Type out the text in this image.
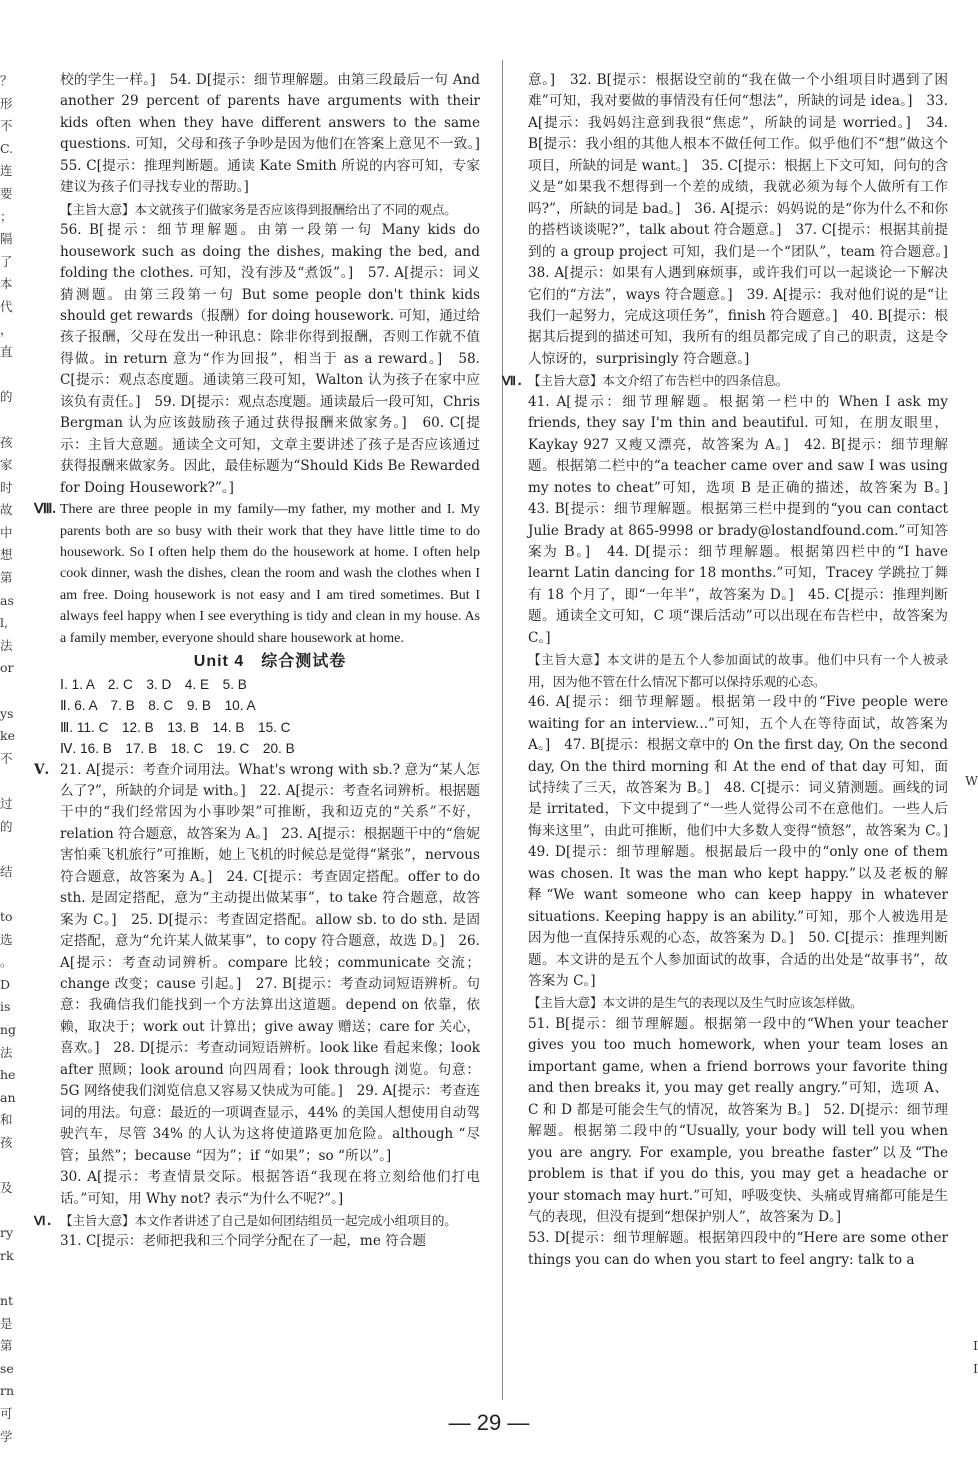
？
形
不
C.
连
要
；
隔
了
本
代
，
直
的
孩
家
时
故
中
想
第
as
l,
法
or
ys
ke
不
过
的
结
to
选
。
D
is
ng
法
he
an
和
孩
及
ry
rk
nt
是
第
se
rn
可
学
W
I
I

校的学生一样。]　54. D[提示：细节理解题。由第三段最后一句 And another 29 percent of parents have arguments with their kids often when they have different answers to the same questions. 可知，父母和孩子争吵是因为他们在答案上意见不一致。]　55. C[提示：推理判断题。通读 Kate Smith 所说的内容可知，专家建议为孩子们寻找专业的帮助。]

【主旨大意】本文就孩子们做家务是否应该得到报酬给出了不同的观点。

56. B[提示：细节理解题。由第一段第一句 Many kids do housework such as doing the dishes, making the bed, and folding the clothes. 可知，没有涉及“煮饭”。]　57. A[提示：词义猜测题。由第三段第一句 But some people don't think kids should get rewards（报酬）for doing housework. 可知，通过给孩子报酬，父母在发出一种讯息：除非你得到报酬，否则工作就不值得做。in return 意为“作为回报”，相当于 as a reward。]　58. C[提示：观点态度题。通读第三段可知，Walton 认为孩子在家中应该负有责任。]　59. D[提示：观点态度题。通读最后一段可知，Chris Bergman 认为应该鼓励孩子通过获得报酬来做家务。]　60. C[提示：主旨大意题。通读全文可知，文章主要讲述了孩子是否应该通过获得报酬来做家务。因此，最佳标题为“Should Kids Be Rewarded for Doing Housework?”。]

Ⅷ. There are three people in my family—my father, my mother and I. My parents both are so busy with their work that they have little time to do housework. So I often help them do the housework at home. I often help cook dinner, wash the dishes, clean the room and wash the clothes when I am free. Doing housework is not easy and I am tired sometimes. But I always feel happy when I see everything is tidy and clean in my house. As a family member, everyone should share housework at home.

Unit 4　综合测试卷
Ⅰ. 1. A　2. C　3. D　4. E　5. B
Ⅱ. 6. A　7. B　8. C　9. B　10. A
Ⅲ. 11. C　12. B　13. B　14. B　15. C
Ⅳ. 16. B　17. B　18. C　19. C　20. B

Ⅴ. 21. A[提示：考查介词用法。What's wrong with sb.? 意为“某人怎么了?”，所缺的介词是 with。]　22. A[提示：考查名词辨析。根据题干中的“我们经常因为小事吵架”可推断，我和迈克的“关系”不好，relation 符合题意，故答案为 A。]　23. A[提示：根据题干中的“詹妮害怕乘飞机旅行”可推断，她上飞机的时候总是觉得“紧张”，nervous 符合题意，故答案为 A。]　24. C[提示：考查固定搭配。offer to do sth. 是固定搭配，意为“主动提出做某事”，to take 符合题意，故答案为 C。]　25. D[提示：考查固定搭配。allow sb. to do sth. 是固定搭配，意为“允许某人做某事”，to copy 符合题意，故选 D。]　26. A[提示：考查动词辨析。compare 比较；communicate 交流；change 改变；cause 引起。]　27. B[提示：考查动词短语辨析。句意：我确信我们能找到一个方法算出这道题。depend on 依靠，依赖，取决于；work out 计算出；give away 赠送；care for 关心，喜欢。]　28. D[提示：考查动词短语辨析。look like 看起来像；look after 照顾；look around 向四周看；look through 浏览。句意：5G 网络使我们浏览信息又容易又快成为可能。]　29. A[提示：考查连词的用法。句意：最近的一项调查显示，44% 的美国人想使用自动驾驶汽车，尽管 34% 的人认为这将使道路更加危险。although “尽管；虽然”；because “因为”；if “如果”；so “所以”。]

30. A[提示：考查情景交际。根据答语“我现在将立刻给他们打电话。”可知，用 Why not? 表示“为什么不呢?”。]

Ⅵ. 【主旨大意】本文作者讲述了自己是如何团结组员一起完成小组项目的。

31. C[提示：老师把我和三个同学分配在了一起，me 符合题

意。]　32. B[提示：根据设空前的“我在做一个小组项目时遇到了困难”可知，我对要做的事情没有任何“想法”，所缺的词是 idea。]　33. A[提示：我妈妈注意到我很“焦虑”，所缺的词是 worried。]　34. B[提示：我小组的其他人根本不做任何工作。似乎他们不“想”做这个项目，所缺的词是 want。]　35. C[提示：根据上下文可知，问句的含义是“如果我不想得到一个差的成绩，我就必须为每个人做所有工作吗?”，所缺的词是 bad。]　36. A[提示：妈妈说的是“你为什么不和你的搭档谈谈呢?”，talk about 符合题意。]　37. C[提示：根据其前提到的 a group project 可知，我们是一个“团队”，team 符合题意。]　38. A[提示：如果有人遇到麻烦事，或许我们可以一起谈论一下解决它们的“方法”，ways 符合题意。]　39. A[提示：我对他们说的是“让我们一起努力，完成这项任务”，finish 符合题意。]　40. B[提示：根据其后提到的描述可知，我所有的组员都完成了自己的职责，这是令人惊讶的，surprisingly 符合题意。]

Ⅶ. 【主旨大意】本文介绍了布告栏中的四条信息。

41. A[提示：细节理解题。根据第一栏中的 When I ask my friends, they say I'm thin and beautiful. 可知，在朋友眼里，Kaykay 927 又瘦又漂亮，故答案为 A。]　42. B[提示：细节理解题。根据第二栏中的“a teacher came over and saw I was using my notes to cheat”可知，选项 B 是正确的描述，故答案为 B。]　43. B[提示：细节理解题。根据第三栏中提到的“you can contact Julie Brady at 865-9998 or brady@lostandfound.com.”可知答案为 B。]　44. D[提示：细节理解题。根据第四栏中的“I have learnt Latin dancing for 18 months.”可知，Tracey 学跳拉丁舞有 18 个月了，即“一年半”，故答案为 D。]　45. C[提示：推理判断题。通读全文可知，C 项“课后活动”可以出现在布告栏中，故答案为 C。]

【主旨大意】本文讲的是五个人参加面试的故事。他们中只有一个人被录用，因为他不管在什么情况下都可以保持乐观的心态。

46. A[提示：细节理解题。根据第一段中的“Five people were waiting for an interview...”可知，五个人在等待面试，故答案为 A。]　47. B[提示：根据文章中的 On the first day, On the second day, On the third morning 和 At the end of that day 可知，面试持续了三天，故答案为 B。]　48. C[提示：词义猜测题。画线的词是 irritated，下文中提到了“一些人觉得公司不在意他们。一些人后悔来这里”，由此可推断，他们中大多数人变得“愤怒”，故答案为 C。]　49. D[提示：细节理解题。根据最后一段中的“only one of them was chosen. It was the man who kept happy.”以及老板的解释“We want someone who can keep happy in whatever situations. Keeping happy is an ability.”可知，那个人被选用是因为他一直保持乐观的心态，故答案为 D。]　50. C[提示：推理判断题。本文讲的是五个人参加面试的故事，合适的出处是“故事书”，故答案为 C。]

【主旨大意】本文讲的是生气的表现以及生气时应该怎样做。

51. B[提示：细节理解题。根据第一段中的“When your teacher gives you too much homework, when your team loses an important game, when a friend borrows your favorite thing and then breaks it, you may get really angry.”可知，选项 A、C 和 D 都是可能会生气的情况，故答案为 B。]　52. D[提示：细节理解题。根据第二段中的“Usually, your body will tell you when you are angry. For example, you breathe faster”以及“The problem is that if you do this, you may get a headache or your stomach may hurt.”可知，呼吸变快、头痛或胃痛都可能是生气的表现，但没有提到“想保护别人”，故答案为 D。]

53. D[提示：细节理解题。根据第四段中的“Here are some other things you can do when you start to feel angry: talk to a

— 29 —
